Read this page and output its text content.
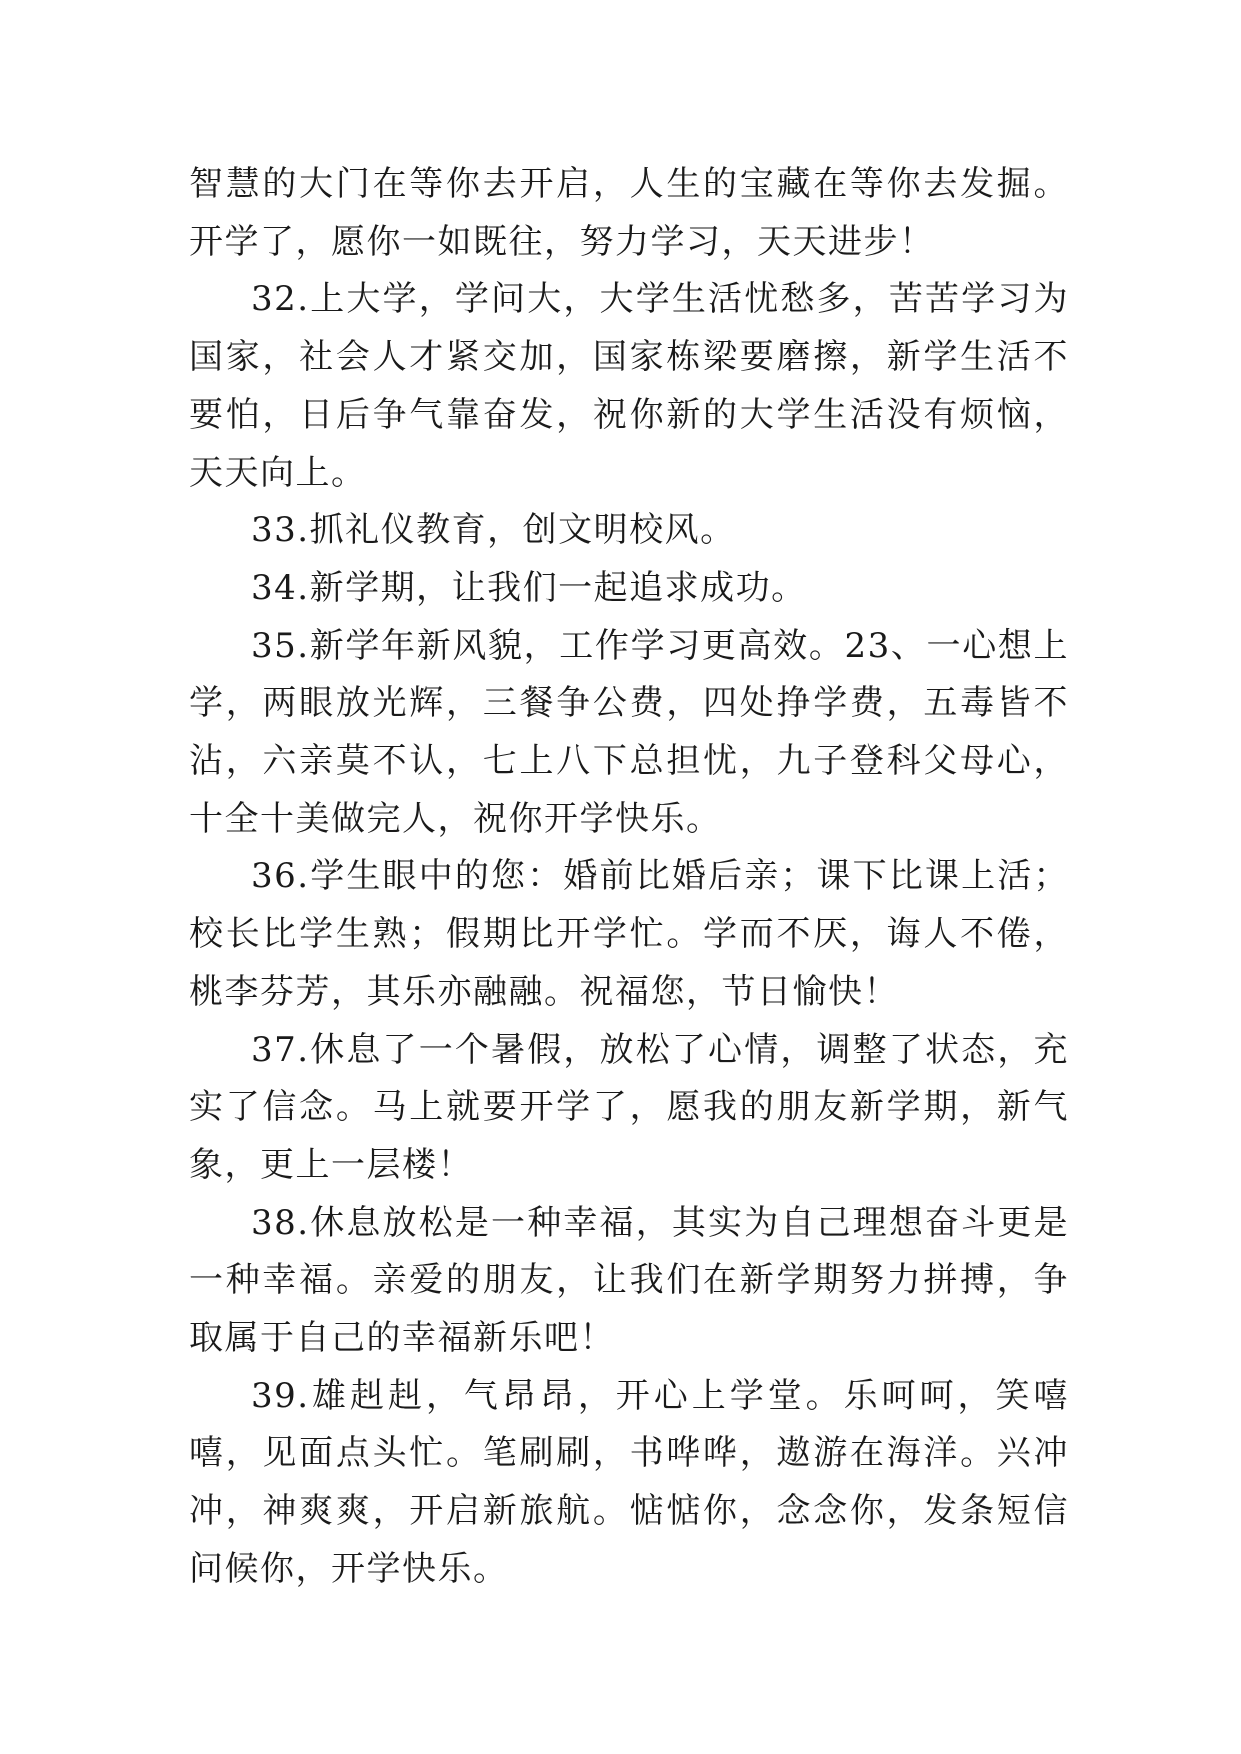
智慧的大门在等你去开启，人生的宝藏在等你去发掘。开学了，愿你一如既往，努力学习，天天进步！

32.上大学，学问大，大学生活忧愁多，苦苦学习为国家，社会人才紧交加，国家栋梁要磨擦，新学生活不要怕，日后争气靠奋发，祝你新的大学生活没有烦恼，天天向上。

33.抓礼仪教育，创文明校风。

34.新学期，让我们一起追求成功。

35.新学年新风貌，工作学习更高效。23、一心想上学，两眼放光辉，三餐争公费，四处挣学费，五毒皆不沾，六亲莫不认，七上八下总担忧，九子登科父母心，十全十美做完人，祝你开学快乐。

36.学生眼中的您：婚前比婚后亲；课下比课上活；校长比学生熟；假期比开学忙。学而不厌，诲人不倦，桃李芬芳，其乐亦融融。祝福您，节日愉快！

37.休息了一个暑假，放松了心情，调整了状态，充实了信念。马上就要开学了，愿我的朋友新学期，新气象，更上一层楼！

38.休息放松是一种幸福，其实为自己理想奋斗更是一种幸福。亲爱的朋友，让我们在新学期努力拼搏，争取属于自己的幸福新乐吧！

39.雄赳赳，气昂昂，开心上学堂。乐呵呵，笑嘻嘻，见面点头忙。笔刷刷，书哗哗，遨游在海洋。兴冲冲，神爽爽，开启新旅航。惦惦你，念念你，发条短信问候你，开学快乐。
